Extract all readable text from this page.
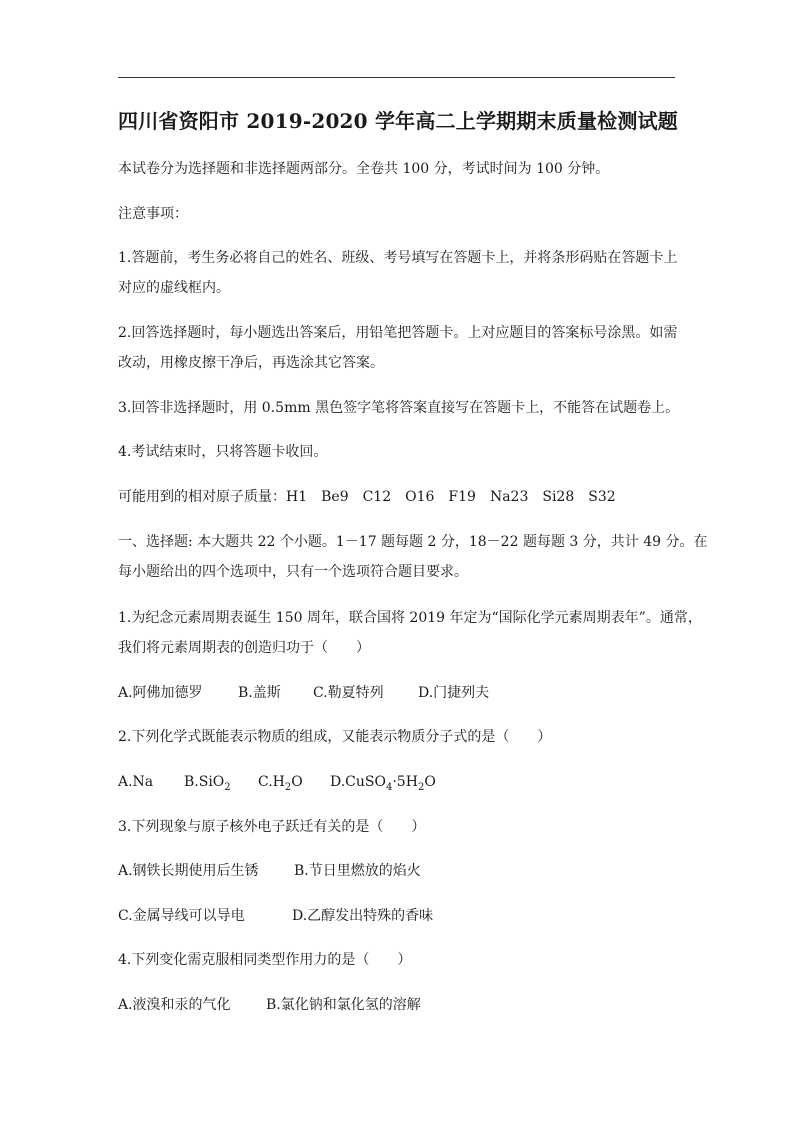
四川省资阳市 2019-2020 学年高二上学期期末质量检测试题
本试卷分为选择题和非选择题两部分。全卷共 100 分，考试时间为 100 分钟。
注意事项：
1.答题前，考生务必将自己的姓名、班级、考号填写在答题卡上，并将条形码贴在答题卡上
对应的虚线框内。
2.回答选择题时，每小题选出答案后，用铅笔把答题卡。上对应题目的答案标号涂黑。如需
改动，用橡皮擦干净后，再选涂其它答案。
3.回答非选择题时，用 0.5mm 黑色签字笔将答案直接写在答题卡上，不能答在试题卷上。
4.考试结束时，只将答题卡收回。
可能用到的相对原子质量：H1　Be9　C12　O16　F19　Na23　Si28　S32
一、选择题: 本大题共 22 个小题。1－17 题每题 2 分，18－22 题每题 3 分，共计 49 分。在
每小题给出的四个选项中，只有一个选项符合题目要求。
1.为纪念元素周期表诞生 150 周年，联合国将 2019 年定为“国际化学元素周期表年”。通常，
我们将元素周期表的创造归功于（　　）
A.阿佛加德罗	B.盖斯 C.勒夏特列 D.门捷列夫
2.下列化学式既能表示物质的组成，又能表示物质分子式的是（　　）
A.Na B.SiO$_2$ $C.H_2O$ $D.CuSO_4\cdot 5H_2O$
3.下列现象与原子核外电子跃迁有关的是（　　）
A.钢铁长期使用后生锈	B.节日里燃放的焰火
C.金属导线可以导电	D.乙醇发出特殊的香味
4.下列变化需克服相同类型作用力的是（　　）
A.液溴和汞的气化	B.氯化钠和氯化氢的溶解
